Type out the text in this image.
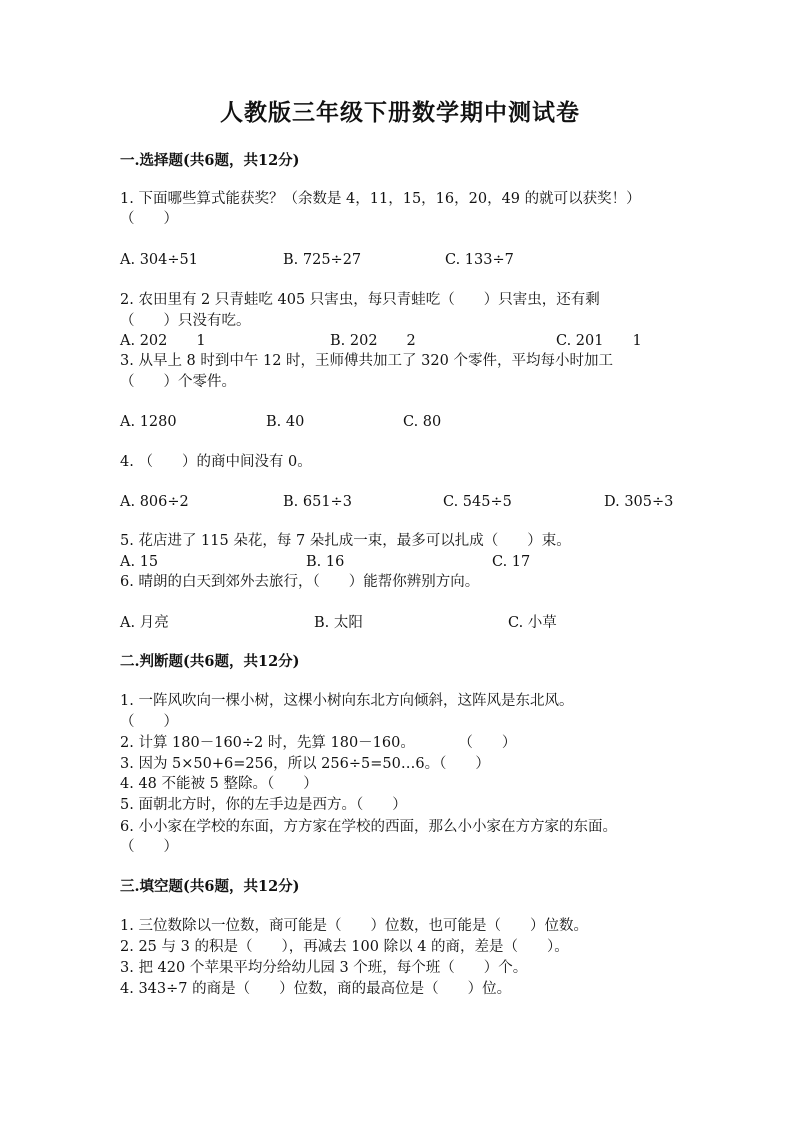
人教版三年级下册数学期中测试卷
一.选择题(共6题，共12分)
1. 下面哪些算式能获奖？（余数是 4，11，15，16，20，49 的就可以获奖！）
（　　）
A. 304÷51	B. 725÷27	C. 133÷7
2. 农田里有 2 只青蛙吃 405 只害虫，每只青蛙吃（　　）只害虫，还有剩
（　　）只没有吃。
A. 202　　1	B. 202　　2	C. 201　　1
3. 从早上 8 时到中午 12 时，王师傅共加工了 320 个零件，平均每小时加工
（　　）个零件。
A. 1280	B. 40	C. 80
4. （　　）的商中间没有 0。
A. 806÷2	B. 651÷3	C. 545÷5	D. 305÷3
5. 花店进了 115 朵花，每 7 朵扎成一束，最多可以扎成（　　）束。
A. 15	B. 16	C. 17
6. 晴朗的白天到郊外去旅行，（　　）能帮你辨别方向。
A. 月亮	B. 太阳	C. 小草
二.判断题(共6题，共12分)
1. 一阵风吹向一棵小树，这棵小树向东北方向倾斜，这阵风是东北风。
（　　）
2. 计算 180－160÷2 时，先算 180－160。　　　　（　　）
3. 因为 5×50+6=256，所以 256÷5=50…6。（　　）
4. 48 不能被 5 整除。（　　）
5. 面朝北方时，你的左手边是西方。（　　）
6. 小小家在学校的东面，方方家在学校的西面，那么小小家在方方家的东面。
（　　）
三.填空题(共6题，共12分)
1. 三位数除以一位数，商可能是（　　）位数，也可能是（　　）位数。
2. 25 与 3 的积是（　　），再减去 100 除以 4 的商，差是（　　）。
3. 把 420 个苹果平均分给幼儿园 3 个班，每个班（　　）个。
4. 343÷7 的商是（　　）位数，商的最高位是（　　）位。
